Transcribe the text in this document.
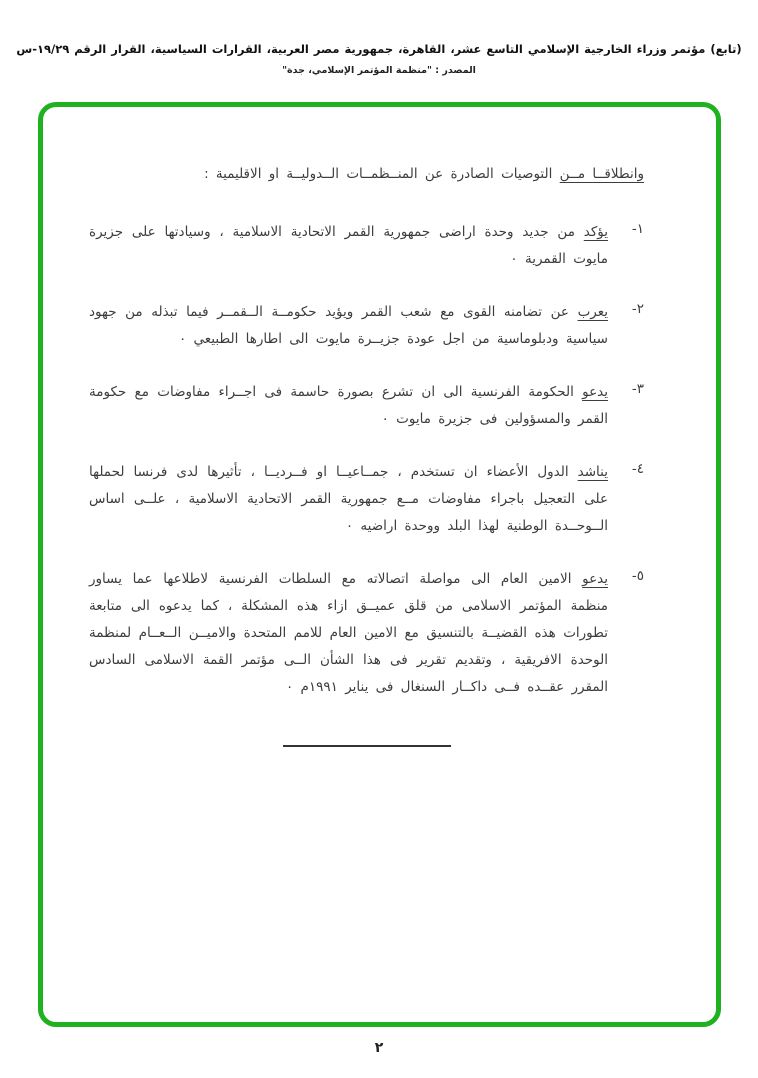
(تابع) مؤتمر وزراء الخارجية الإسلامي التاسع عشر، القاهرة، جمهورية مصر العربية، القرارات السياسية، القرار الرقم ١٩/٢٩-س
المصدر : "منظمة المؤتمر الإسلامي، جدة"

وانطلاقــا مــن التوصيات الصادرة عن المنــظمــات الــدوليــة او الاقليمية :

١-

يؤكد من جديد وحدة اراضى جمهورية القمر الاتحادية الاسلامية ، وسيادتها على جزيرة مايوت القمرية ٠

٢-

يعرب عن تضامنه القوى مع شعب القمر ويؤيد حكومــة الــقمــر فيما تبذله من جهود سياسية ودبلوماسية من اجل عودة جزيــرة مايوت الى اطارها الطبيعي ٠

٣-

يدعو الحكومة الفرنسية الى ان تشرع بصورة حاسمة فى اجــراء مفاوضات مع حكومة القمر والمسؤولين فى جزيرة مايوت ٠

٤-

يناشد الدول الأعضاء ان تستخدم ، جمــاعيــا او فــرديــا ، تأثيرها لدى فرنسا لحملها على التعجيل باجراء مفاوضات مــع جمهورية القمر الاتحادية الاسلامية ، علــى اساس الــوحــدة الوطنية لهذا البلد ووحدة اراضيه ٠

٥-

يدعو الامين العام الى مواصلة اتصالاته مع السلطات الفرنسية لاطلاعها عما يساور منظمة المؤتمر الاسلامى من قلق عميــق ازاء هذه المشكلة ، كما يدعوه الى متابعة تطورات هذه القضيــة بالتنسيق مع الامين العام للامم المتحدة والاميــن الــعــام لمنظمة الوحدة الافريقية ، وتقديم تقرير فى هذا الشأن الــى مؤتمر القمة الاسلامى السادس المقرر عقــده فــى داكــار السنغال فى يناير ١٩٩١م ٠

٢
